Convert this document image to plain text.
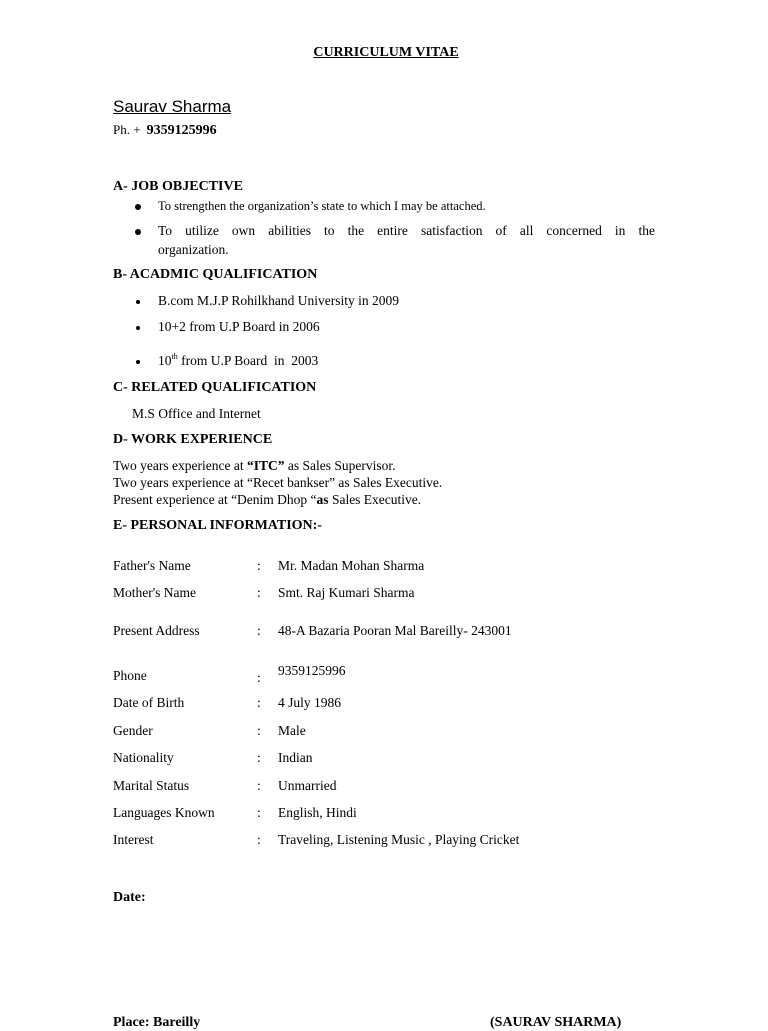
CURRICULUM VITAE
Saurav Sharma
Ph. + 9359125996
A- JOB OBJECTIVE
To strengthen the organization’s state to which I may be attached.
To utilize own abilities to the entire satisfaction of all concerned in the
organization.
B- ACADMIC QUALIFICATION
B.com M.J.P Rohilkhand University in 2009
10+2 from U.P Board in 2006
10th from U.P Board  in  2003
C- RELATED QUALIFICATION
M.S Office and Internet
D- WORK EXPERIENCE
Two years experience at “ITC” as Sales Supervisor.
Two years experience at “Recet bankser” as Sales Executive.
Present experience at “Denim Dhop “as Sales Executive.
E- PERSONAL INFORMATION:-
Father's Name	: Mr. Madan Mohan Sharma
Mother's Name	: Smt. Raj Kumari Sharma
Present Address	: 48-A Bazaria Pooran Mal Bareilly- 243001
Phone	: 9359125996
Date of Birth	: 4 July 1986
Gender	: Male
Nationality	: Indian
Marital Status	: Unmarried
Languages Known	: English, Hindi
Interest	: Traveling, Listening Music , Playing Cricket
Date:
Place: Bareilly	(SAURAV SHARMA)
